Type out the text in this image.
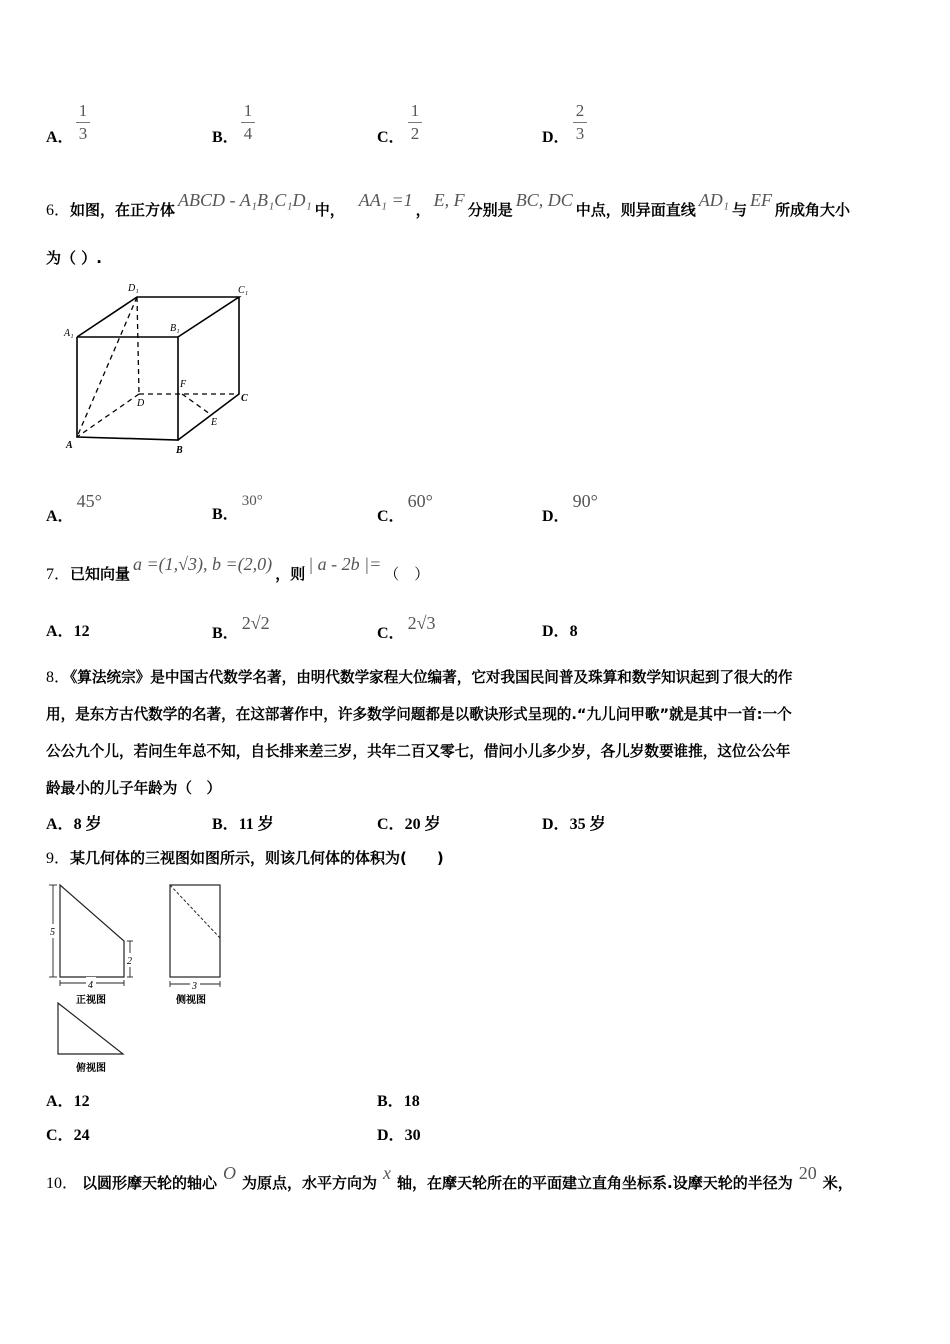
A．
1
3	B．
1
4	C．
1
2	D．
2
3
6．如图，在正方体 ABCD - A₁B₁C₁D₁ 中， AA₁ =1 ， E, F 分别是 BC, DC 中点，则异面直线 AD₁ 与 EF 所成角大小
为（ ）.
D₁	C₁
A₁	B₁
A	B
C
D
E
F
5
2
4	3
正视图	侧视图
俯视图
A．45°
B．30°
C．60°
D．90°
7．已知向量 a =(1,√3), b =(2,0) ，则 | a - 2b |= （　）
A．12	B．2√2
C．2√3	D．8
8．《算法统宗》是中国古代数学名著，由明代数学家程大位编著，它对我国民间普及珠算和数学知识起到了很大的作
用，是东方古代数学的名著，在这部著作中，许多数学问题都是以歌诀形式呈现的.“九儿问甲歌”就是其中一首:一个
公公九个儿，若问生年总不知，自长排来差三岁，共年二百又零七，借问小儿多少岁，各儿岁数要谁推，这位公公年
龄最小的儿子年龄为（　）
A．8 岁	B．11 岁	C．20 岁	D．35 岁
9．某几何体的三视图如图所示，则该几何体的体积为(　　)
A．12	B．18
C．24	D．30
10． 以圆形摩天轮的轴心 O 为原点，水平方向为 x 轴，在摩天轮所在的平面建立直角坐标系.设摩天轮的半径为 20 米，
